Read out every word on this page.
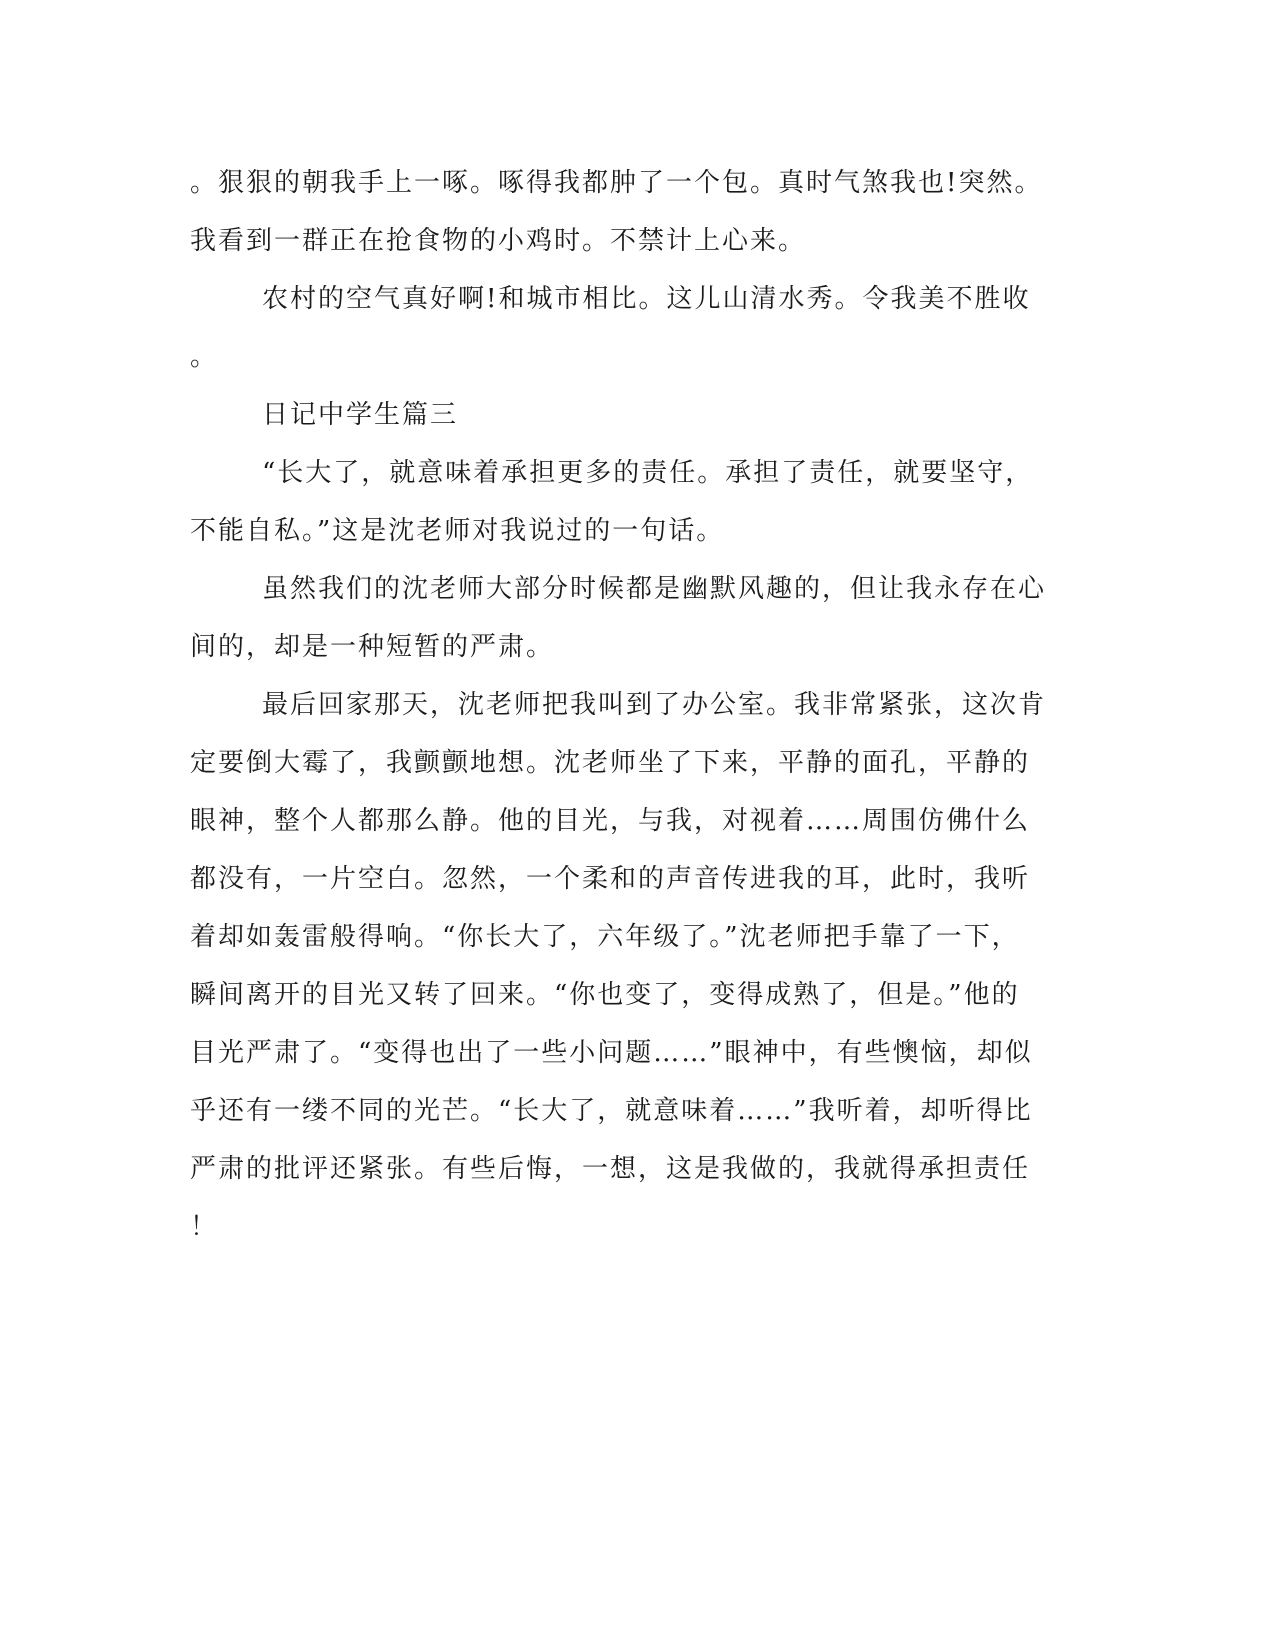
。狠狠的朝我手上一啄。啄得我都肿了一个包。真时气煞我也!突然。
我看到一群正在抢食物的小鸡时。不禁计上心来。
农村的空气真好啊!和城市相比。这儿山清水秀。令我美不胜收
。
日记中学生篇三
“长大了，就意味着承担更多的责任。承担了责任，就要坚守，
不能自私。”这是沈老师对我说过的一句话。
虽然我们的沈老师大部分时候都是幽默风趣的，但让我永存在心
间的，却是一种短暂的严肃。
最后回家那天，沈老师把我叫到了办公室。我非常紧张，这次肯
定要倒大霉了，我颤颤地想。沈老师坐了下来，平静的面孔，平静的
眼神，整个人都那么静。他的目光，与我，对视着……周围仿佛什么
都没有，一片空白。忽然，一个柔和的声音传进我的耳，此时，我听
着却如轰雷般得响。“你长大了，六年级了。”沈老师把手靠了一下，
瞬间离开的目光又转了回来。“你也变了，变得成熟了，但是。”他的
目光严肃了。“变得也出了一些小问题……”眼神中，有些懊恼，却似
乎还有一缕不同的光芒。“长大了，就意味着……”我听着，却听得比
严肃的批评还紧张。有些后悔，一想，这是我做的，我就得承担责任
！
